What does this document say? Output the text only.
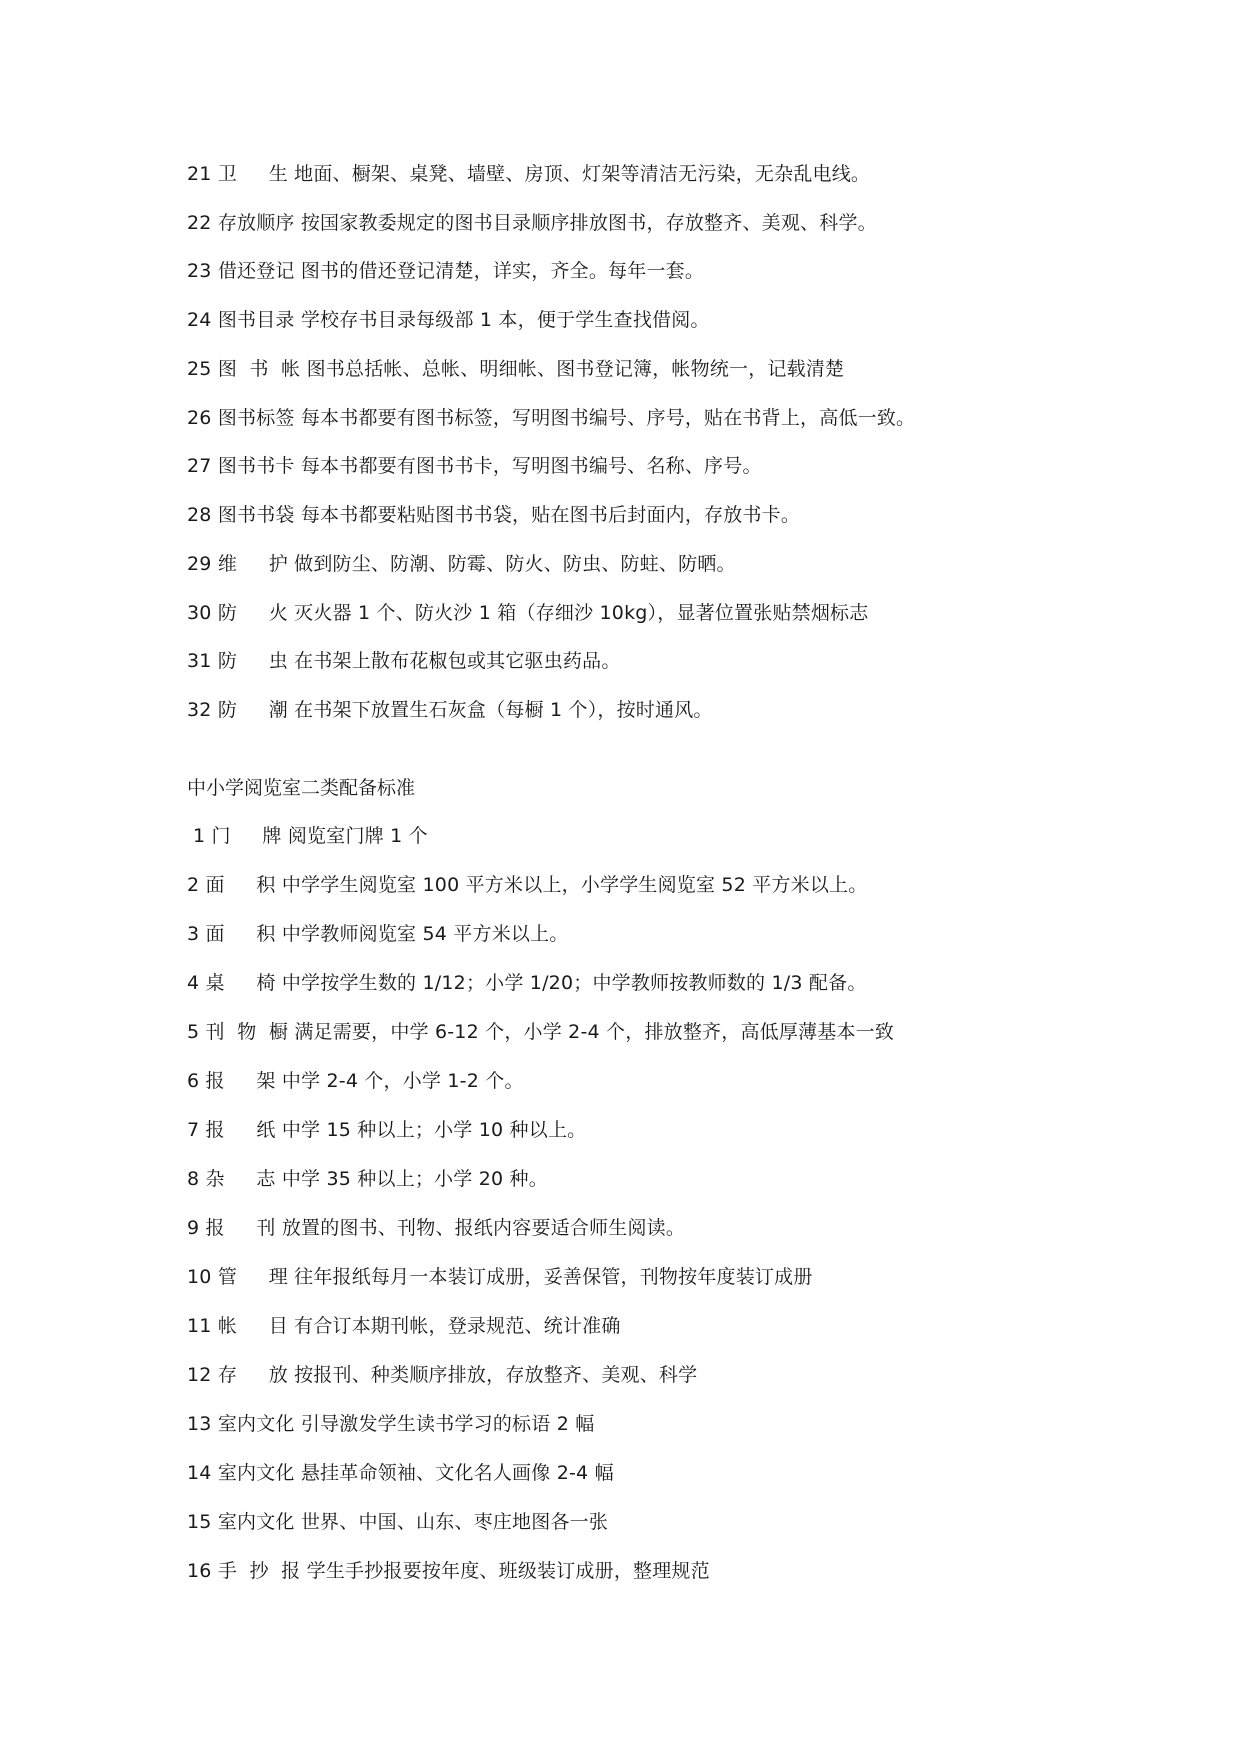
21 卫　  生 地面、橱架、桌凳、墙壁、房顶、灯架等清洁无污染，无杂乱电线。
22 存放顺序 按国家教委规定的图书目录顺序排放图书，存放整齐、美观、科学。
23 借还登记 图书的借还登记清楚，详实，齐全。每年一套。
24 图书目录 学校存书目录每级部 1 本，便于学生查找借阅。
25 图  书  帐 图书总括帐、总帐、明细帐、图书登记簿，帐物统一，记载清楚
26 图书标签 每本书都要有图书标签，写明图书编号、序号，贴在书背上，高低一致。
27 图书书卡 每本书都要有图书书卡，写明图书编号、名称、序号。
28 图书书袋 每本书都要粘贴图书书袋，贴在图书后封面内，存放书卡。
29 维　  护 做到防尘、防潮、防霉、防火、防虫、防蛀、防晒。
30 防　  火 灭火器 1 个、防火沙 1 箱（存细沙 10kg），显著位置张贴禁烟标志
31 防　  虫 在书架上散布花椒包或其它驱虫药品。
32 防　  潮 在书架下放置生石灰盒（每橱 1 个），按时通风。
中小学阅览室二类配备标准
1 门　  牌 阅览室门牌 1 个
2 面　  积 中学学生阅览室 100 平方米以上，小学学生阅览室 52 平方米以上。
3 面　  积 中学教师阅览室 54 平方米以上。
4 桌　  椅 中学按学生数的 1/12；小学 1/20；中学教师按教师数的 1/3 配备。
5 刊  物  橱 满足需要，中学 6-12 个，小学 2-4 个，排放整齐，高低厚薄基本一致
6 报　  架 中学 2-4 个，小学 1-2 个。
7 报　  纸 中学 15 种以上；小学 10 种以上。
8 杂　  志 中学 35 种以上；小学 20 种。
9 报　  刊 放置的图书、刊物、报纸内容要适合师生阅读。
10 管　  理 往年报纸每月一本装订成册，妥善保管，刊物按年度装订成册
11 帐　  目 有合订本期刊帐，登录规范、统计准确
12 存　  放 按报刊、种类顺序排放，存放整齐、美观、科学
13 室内文化 引导激发学生读书学习的标语 2 幅
14 室内文化 悬挂革命领袖、文化名人画像 2-4 幅
15 室内文化 世界、中国、山东、枣庄地图各一张
16 手  抄  报 学生手抄报要按年度、班级装订成册，整理规范
